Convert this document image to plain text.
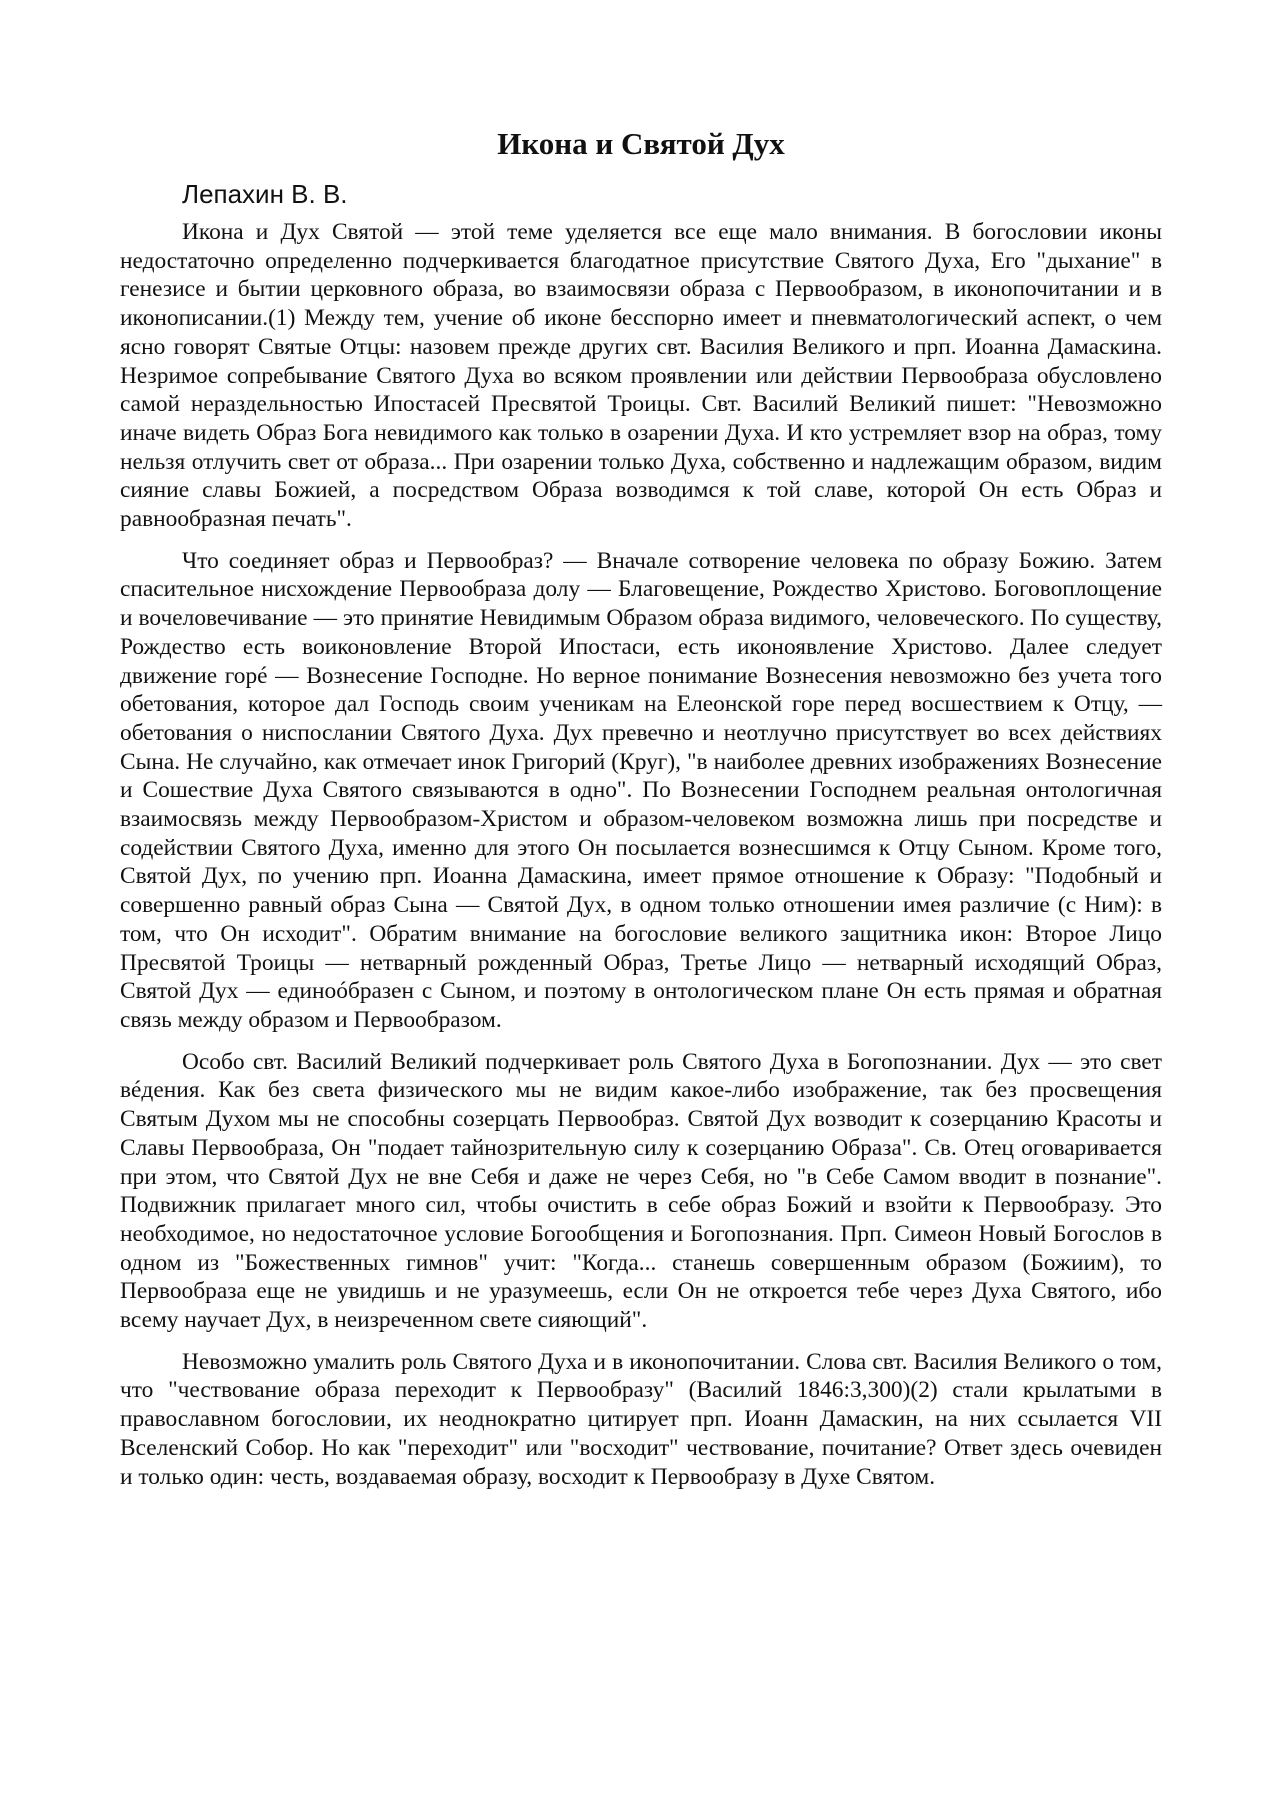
Икона и Святой Дух
Лепахин В. В.

Икона и Дух Святой — этой теме уделяется все еще мало внимания. В богословии иконы недостаточно определенно подчеркивается благодатное присутствие Святого Духа, Его "дыхание" в генезисе и бытии церковного образа, во взаимосвязи образа с Первообразом, в иконопочитании и в иконописании.(1) Между тем, учение об иконе бесспорно имеет и пневматологический аспект, о чем ясно говорят Святые Отцы: назовем прежде других свт. Василия Великого и прп. Иоанна Дамаскина. Незримое сопребывание Святого Духа во всяком проявлении или действии Первообраза обусловлено самой нераздельностью Ипостасей Пресвятой Троицы. Свт. Василий Великий пишет: "Невозможно иначе видеть Образ Бога невидимого как только в озарении Духа. И кто устремляет взор на образ, тому нельзя отлучить свет от образа... При озарении только Духа, собственно и надлежащим образом, видим сияние славы Божией, а посредством Образа возводимся к той славе, которой Он есть Образ и равнообразная печать".

Что соединяет образ и Первообраз? — Вначале сотворение человека по образу Божию. Затем спасительное нисхождение Первообраза долу — Благовещение, Рождество Христово. Боговоплощение и вочеловечивание — это принятие Невидимым Образом образа видимого, человеческого. По существу, Рождество есть воиконовление Второй Ипостаси, есть иконоявление Христово. Далее следует движение горé — Вознесение Господне. Но верное понимание Вознесения невозможно без учета того обетования, которое дал Господь своим ученикам на Елеонской горе перед восшествием к Отцу, — обетования о ниспослании Святого Духа. Дух превечно и неотлучно присутствует во всех действиях Сына. Не случайно, как отмечает инок Григорий (Круг), "в наиболее древних изображениях Вознесение и Сошествие Духа Святого связываются в одно". По Вознесении Господнем реальная онтологичная взаимосвязь между Первообразом-Христом и образом-человеком возможна лишь при посредстве и содействии Святого Духа, именно для этого Он посылается вознесшимся к Отцу Сыном. Кроме того, Святой Дух, по учению прп. Иоанна Дамаскина, имеет прямое отношение к Образу: "Подобный и совершенно равный образ Сына — Святой Дух, в одном только отношении имея различие (с Ним): в том, что Он исходит". Обратим внимание на богословие великого защитника икон: Второе Лицо Пресвятой Троицы — нетварный рожденный Образ, Третье Лицо — нетварный исходящий Образ, Святой Дух — единоóбразен с Сыном, и поэтому в онтологическом плане Он есть прямая и обратная связь между образом и Первообразом.

Особо свт. Василий Великий подчеркивает роль Святого Духа в Богопознании. Дух — это свет вéдения. Как без света физического мы не видим какое-либо изображение, так без просвещения Святым Духом мы не способны созерцать Первообраз. Святой Дух возводит к созерцанию Красоты и Славы Первообраза, Он "подает тайнозрительную силу к созерцанию Образа". Св. Отец оговаривается при этом, что Святой Дух не вне Себя и даже не через Себя, но "в Себе Самом вводит в познание". Подвижник прилагает много сил, чтобы очистить в себе образ Божий и взойти к Первообразу. Это необходимое, но недостаточное условие Богообщения и Богопознания. Прп. Симеон Новый Богослов в одном из "Божественных гимнов" учит: "Когда... станешь совершенным образом (Божиим), то Первообраза еще не увидишь и не уразумеешь, если Он не откроется тебе через Духа Святого, ибо всему научает Дух, в неизреченном свете сияющий".

Невозможно умалить роль Святого Духа и в иконопочитании. Слова свт. Василия Великого о том, что "чествование образа переходит к Первообразу" (Василий 1846:3,300)(2) стали крылатыми в православном богословии, их неоднократно цитирует прп. Иоанн Дамаскин, на них ссылается VII Вселенский Собор. Но как "переходит" или "восходит" чествование, почитание? Ответ здесь очевиден и только один: честь, воздаваемая образу, восходит к Первообразу в Духе Святом.
